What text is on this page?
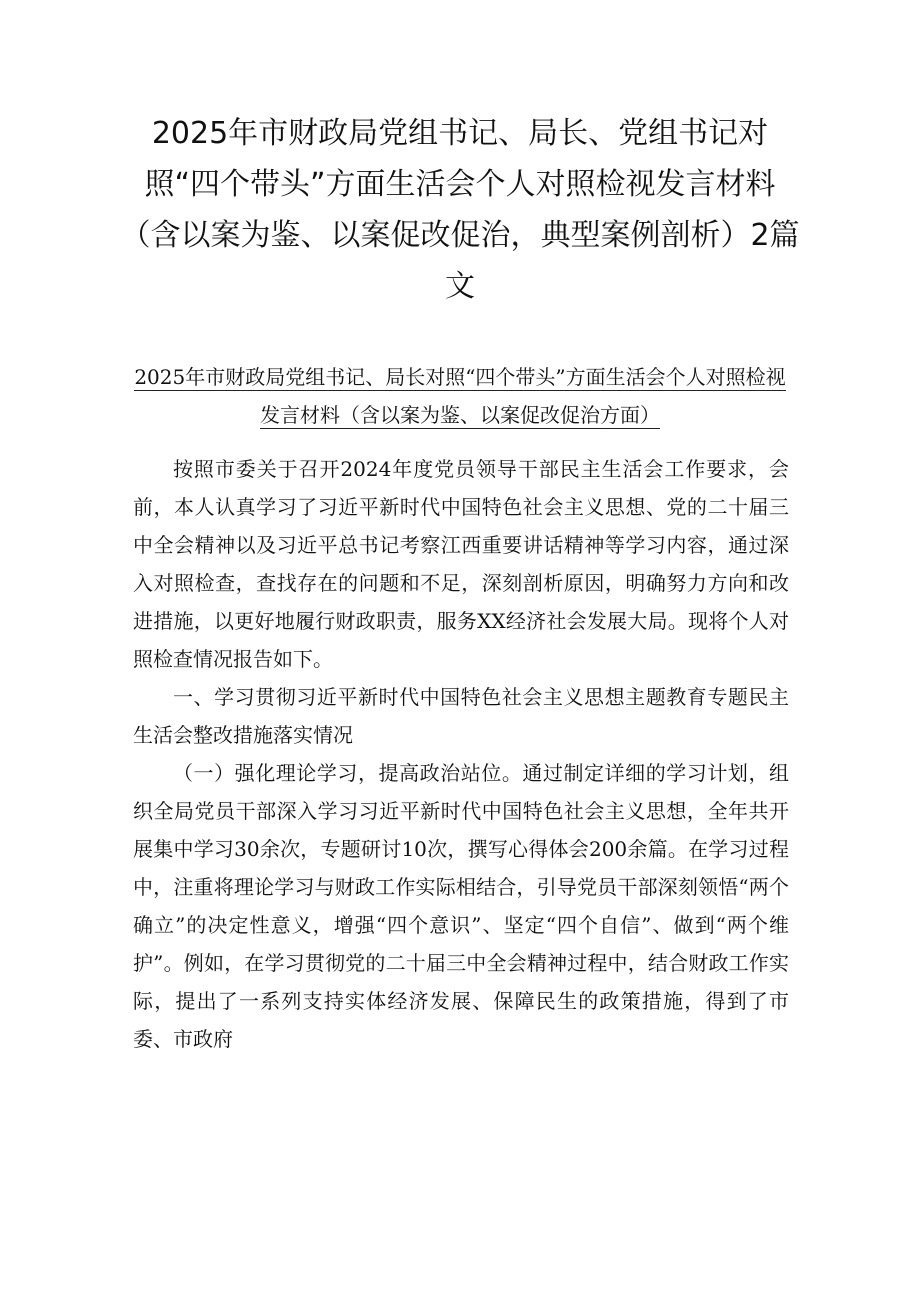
2025年市财政局党组书记、局长、党组书记对照“四个带头”方面生活会个人对照检视发言材料（含以案为鉴、以案促改促治，典型案例剖析）2篇文
2025年市财政局党组书记、局长对照“四个带头”方面生活会个人对照检视
发言材料（含以案为鉴、以案促改促治方面）

按照市委关于召开2024年度党员领导干部民主生活会工作要求，会前，本人认真学习了习近平新时代中国特色社会主义思想、党的二十届三中全会精神以及习近平总书记考察江西重要讲话精神等学习内容，通过深入对照检查，查找存在的问题和不足，深刻剖析原因，明确努力方向和改进措施，以更好地履行财政职责，服务XX经济社会发展大局。现将个人对照检查情况报告如下。

一、学习贯彻习近平新时代中国特色社会主义思想主题教育专题民主生活会整改措施落实情况

（一）强化理论学习，提高政治站位。通过制定详细的学习计划，组织全局党员干部深入学习习近平新时代中国特色社会主义思想，全年共开展集中学习30余次，专题研讨10次，撰写心得体会200余篇。在学习过程中，注重将理论学习与财政工作实际相结合，引导党员干部深刻领悟“两个确立”的决定性意义，增强“四个意识”、坚定“四个自信”、做到“两个维护”。例如，在学习贯彻党的二十届三中全会精神过程中，结合财政工作实际，提出了一系列支持实体经济发展、保障民生的政策措施，得到了市委、市政府
